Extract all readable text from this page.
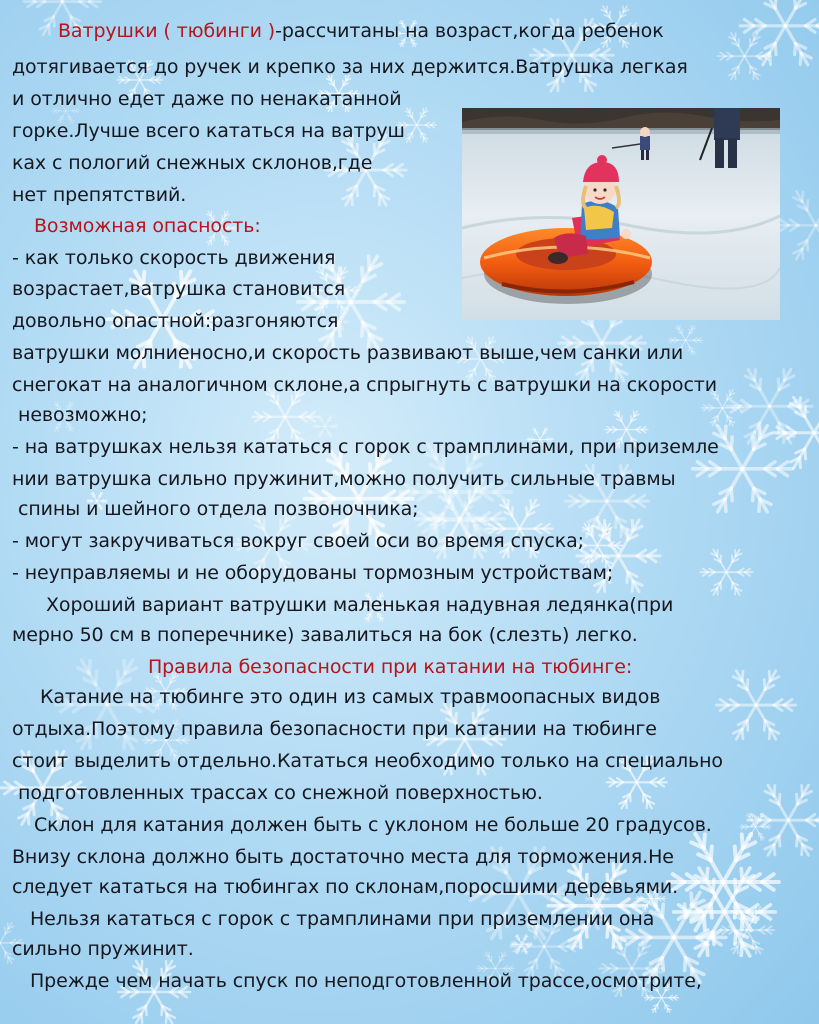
Ватрушки ( тюбинги )-рассчитаны на возраст,когда ребенок

дотягивается до ручек и крепко за них держится.Ватрушка легкая

и отлично едет даже по ненакатанной

горке.Лучше всего кататься на ватруш

ках с пологий снежных склонов,где

нет препятствий.

Возможная опасность:

- как только скорость движения

возрастает,ватрушка становится

довольно опастной:разгоняются

ватрушки молниеносно,и скорость развивают выше,чем санки или

снегокат на аналогичном склоне,а спрыгнуть с ватрушки на скорости

невозможно;

- на ватрушках нельзя кататься с горок с трамплинами, при приземле

нии ватрушка сильно пружинит,можно получить сильные травмы

спины и шейного отдела позвоночника;

- могут закручиваться вокруг своей оси во время спуска;

- неуправляемы и не оборудованы тормозным устройствам;

Хороший вариант ватрушки маленькая надувная ледянка(при

мерно 50 см в поперечнике) завалиться на бок (слезть) легко.

Правила безопасности при катании на тюбинге:

Катание на тюбинге это один из самых травмоопасных видов

отдыха.Поэтому правила безопасности при катании на тюбинге

стоит выделить отдельно.Кататься необходимо только на специально

подготовленных трассах со снежной поверхностью.

Склон для катания должен быть с уклоном не больше 20 градусов.

Внизу склона должно быть достаточно места для торможения.Не

следует кататься на тюбингах по склонам,поросшими деревьями.

Нельзя кататься с горок с трамплинами при приземлении она

сильно пружинит.

Прежде чем начать спуск по неподготовленной трассе,осмотрите,
